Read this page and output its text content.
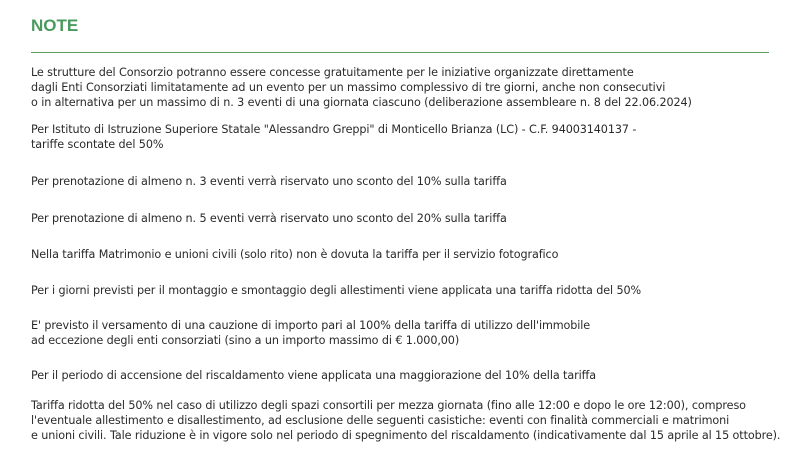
NOTE

Le strutture del Consorzio potranno essere concesse gratuitamente per le iniziative organizzate direttamente
dagli Enti Consorziati limitatamente ad un evento per un massimo complessivo di tre giorni, anche non consecutivi
o in alternativa per un massimo di n. 3 eventi di una giornata ciascuno (deliberazione assembleare n. 8 del 22.06.2024)

Per Istituto di Istruzione Superiore Statale "Alessandro Greppi" di Monticello Brianza (LC) - C.F. 94003140137 -
tariffe scontate del 50%

Per prenotazione di almeno n. 3 eventi verrà riservato uno sconto del 10% sulla tariffa

Per prenotazione di almeno n. 5 eventi verrà riservato uno sconto del 20% sulla tariffa

Nella tariffa Matrimonio e unioni civili (solo rito) non è dovuta la tariffa per il servizio fotografico

Per i giorni previsti per il montaggio e smontaggio degli allestimenti viene applicata una tariffa ridotta del 50%

E' previsto il versamento di una cauzione di importo pari al 100% della tariffa di utilizzo dell'immobile
ad eccezione degli enti consorziati (sino a un importo massimo di € 1.000,00)

Per il periodo di accensione del riscaldamento viene applicata una maggiorazione del 10% della tariffa

Tariffa ridotta del 50% nel caso di utilizzo degli spazi consortili per mezza giornata (fino alle 12:00 e dopo le ore 12:00), compreso
l'eventuale allestimento e disallestimento, ad esclusione delle seguenti casistiche: eventi con finalità commerciali e matrimoni
e unioni civili. Tale riduzione è in vigore solo nel periodo di spegnimento del riscaldamento (indicativamente dal 15 aprile al 15 ottobre).
